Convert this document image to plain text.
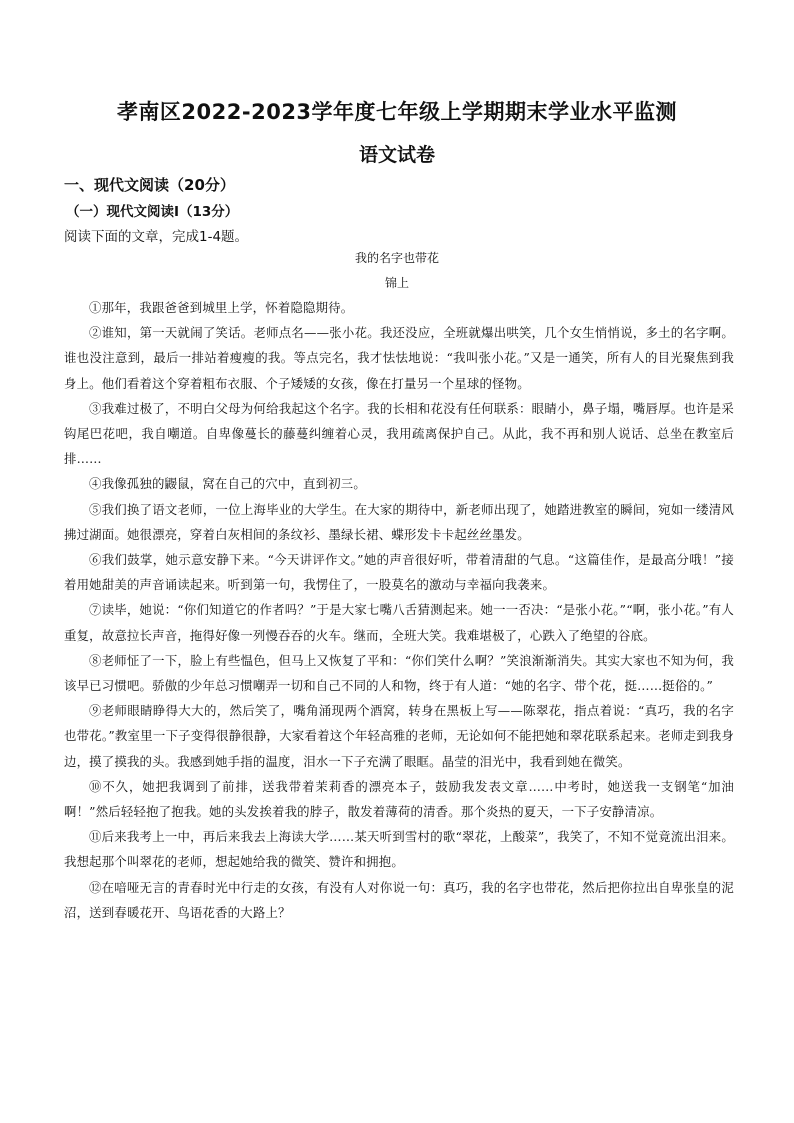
孝南区2022-2023学年度七年级上学期期末学业水平监测
语文试卷
一、现代文阅读（20分）
（一）现代文阅读Ⅰ（13分）
阅读下面的文章，完成1-4题。
我的名字也带花
锦上

①那年，我跟爸爸到城里上学，怀着隐隐期待。

②谁知，第一天就闹了笑话。老师点名——张小花。我还没应，全班就爆出哄笑，几个女生悄悄说，多土的名字啊。谁也没注意到，最后一排站着瘦瘦的我。等点完名，我才怯怯地说：“我叫张小花。”又是一通笑，所有人的目光聚焦到我身上。他们看着这个穿着粗布衣服、个子矮矮的女孩，像在打量另一个星球的怪物。

③我难过极了，不明白父母为何给我起这个名字。我的长相和花没有任何联系：眼睛小，鼻子塌，嘴唇厚。也许是采钩尾巴花吧，我自嘲道。自卑像蔓长的藤蔓纠缠着心灵，我用疏离保护自己。从此，我不再和别人说话、总坐在教室后排……

④我像孤独的鼹鼠，窝在自己的穴中，直到初三。

⑤我们换了语文老师，一位上海毕业的大学生。在大家的期待中，新老师出现了，她踏进教室的瞬间，宛如一缕清风拂过湖面。她很漂亮，穿着白灰相间的条纹衫、墨绿长裙、蝶形发卡卡起丝丝墨发。

⑥我们鼓掌，她示意安静下来。“今天讲评作文。”她的声音很好听，带着清甜的气息。“这篇佳作，是最高分哦！”接着用她甜美的声音诵读起来。听到第一句，我愣住了，一股莫名的激动与幸福向我袭来。

⑦读毕，她说：“你们知道它的作者吗？”于是大家七嘴八舌猜测起来。她一一否决：“是张小花。”“啊，张小花。”有人重复，故意拉长声音，拖得好像一列慢吞吞的火车。继而，全班大笑。我难堪极了，心跌入了绝望的谷底。

⑧老师怔了一下，脸上有些愠色，但马上又恢复了平和：“你们笑什么啊？”笑浪渐渐消失。其实大家也不知为何，我该早已习惯吧。骄傲的少年总习惯嘲弄一切和自己不同的人和物，终于有人道：“她的名字、带个花，挺……挺俗的。”

⑨老师眼睛睁得大大的，然后笑了，嘴角涌现两个酒窝，转身在黑板上写——陈翠花，指点着说：“真巧，我的名字也带花。”教室里一下子变得很静很静，大家看着这个年轻高雅的老师，无论如何不能把她和翠花联系起来。老师走到我身边，摸了摸我的头。我感到她手指的温度，泪水一下子充满了眼眶。晶莹的泪光中，我看到她在微笑。

⑩不久，她把我调到了前排，送我带着茉莉香的漂亮本子，鼓励我发表文章……中考时，她送我一支钢笔“加油啊！”然后轻轻抱了抱我。她的头发挨着我的脖子，散发着薄荷的清香。那个炎热的夏天，一下子安静清凉。

⑪后来我考上一中，再后来我去上海读大学……某天听到雪村的歌“翠花，上酸菜”，我笑了，不知不觉竟流出泪来。我想起那个叫翠花的老师，想起她给我的微笑、赞许和拥抱。

⑫在喑哑无言的青春时光中行走的女孩，有没有人对你说一句：真巧，我的名字也带花，然后把你拉出自卑张皇的泥沼，送到春暖花开、鸟语花香的大路上？
